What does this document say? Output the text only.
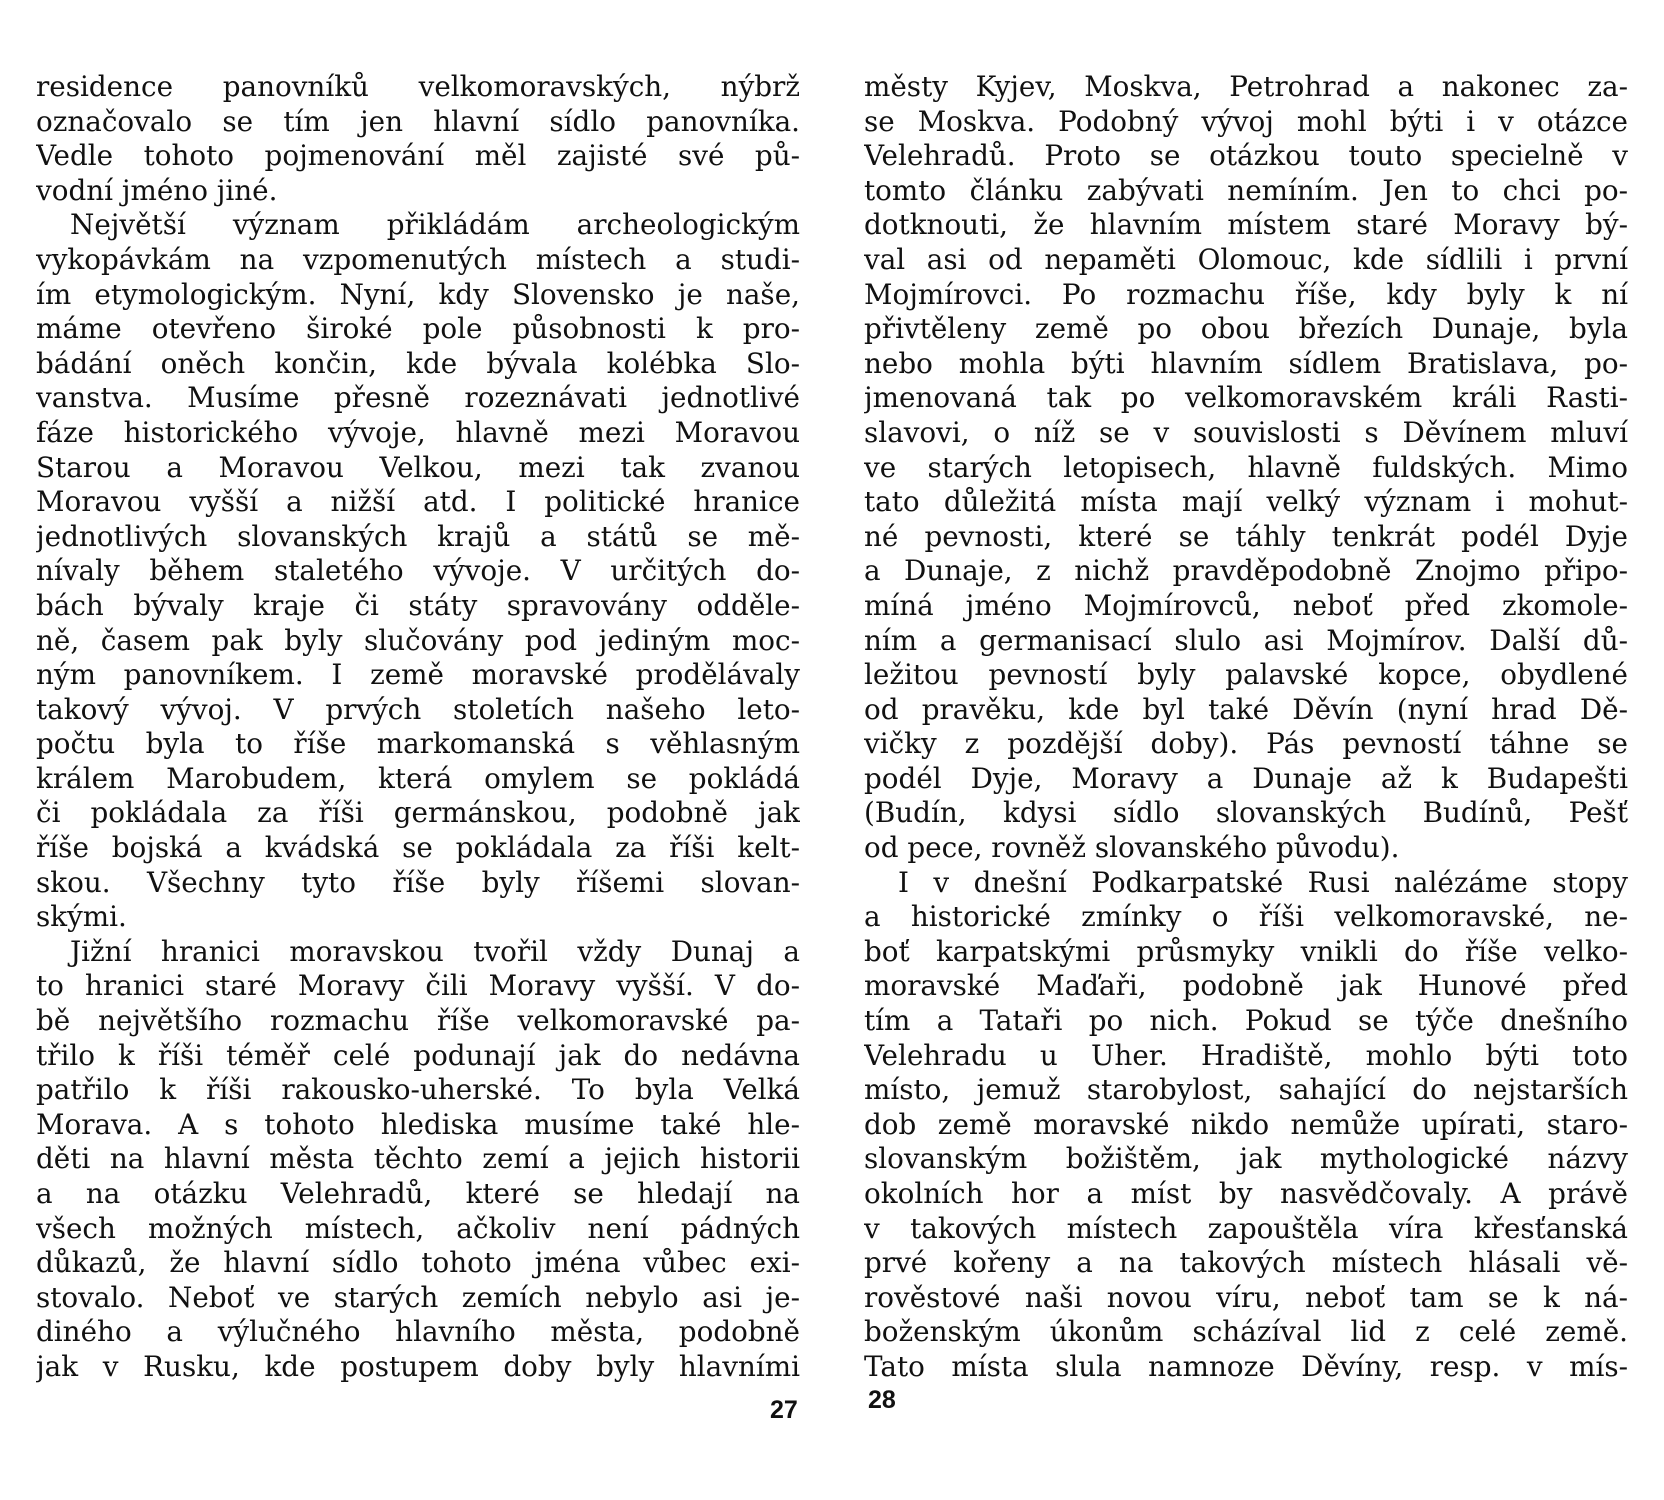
residence panovníků velkomoravských, nýbrž
označovalo se tím jen hlavní sídlo panovníka.
Vedle tohoto pojmenování měl zajisté své pů-
vodní jméno jiné.
Největší význam přikládám archeologickým
vykopávkám na vzpomenutých místech a studi-
ím etymologickým. Nyní, kdy Slovensko je naše,
máme otevřeno široké pole působnosti k pro-
bádání oněch končin, kde bývala kolébka Slo-
vanstva. Musíme přesně rozeznávati jednotlivé
fáze historického vývoje, hlavně mezi Moravou
Starou a Moravou Velkou, mezi tak zvanou
Moravou vyšší a nižší atd. I politické hranice
jednotlivých slovanských krajů a států se mě-
nívaly během staletého vývoje. V určitých do-
bách bývaly kraje či státy spravovány odděle-
ně, časem pak byly slučovány pod jediným moc-
ným panovníkem. I země moravské prodělávaly
takový vývoj. V prvých stoletích našeho leto-
počtu byla to říše markomanská s věhlasným
králem Marobudem, která omylem se pokládá
či pokládala za říši germánskou, podobně jak
říše bojská a kvádská se pokládala za říši kelt-
skou. Všechny tyto říše byly říšemi slovan-
skými.
Jižní hranici moravskou tvořil vždy Dunaj a
to hranici staré Moravy čili Moravy vyšší. V do-
bě největšího rozmachu říše velkomoravské pa-
třilo k říši téměř celé podunají jak do nedávna
patřilo k říši rakousko-uherské. To byla Velká
Morava. A s tohoto hlediska musíme také hle-
děti na hlavní města těchto zemí a jejich historii
a na otázku Velehradů, které se hledají na
všech možných místech, ačkoliv není pádných
důkazů, že hlavní sídlo tohoto jména vůbec exi-
stovalo. Neboť ve starých zemích nebylo asi je-
diného a výlučného hlavního města, podobně
jak v Rusku, kde postupem doby byly hlavními
27
městy Kyjev, Moskva, Petrohrad a nakonec za-
se Moskva. Podobný vývoj mohl býti i v otázce
Velehradů. Proto se otázkou touto specielně v
tomto článku zabývati nemíním. Jen to chci po-
dotknouti, že hlavním místem staré Moravy bý-
val asi od nepaměti Olomouc, kde sídlili i první
Mojmírovci. Po rozmachu říše, kdy byly k ní
přivtěleny země po obou březích Dunaje, byla
nebo mohla býti hlavním sídlem Bratislava, po-
jmenovaná tak po velkomoravském králi Rasti-
slavovi, o níž se v souvislosti s Děvínem mluví
ve starých letopisech, hlavně fuldských. Mimo
tato důležitá místa mají velký význam i mohut-
né pevnosti, které se táhly tenkrát podél Dyje
a Dunaje, z nichž pravděpodobně Znojmo připo-
míná jméno Mojmírovců, neboť před zkomole-
ním a germanisací slulo asi Mojmírov. Další dů-
ležitou pevností byly palavské kopce, obydlené
od pravěku, kde byl také Děvín (nyní hrad Dě-
vičky z pozdější doby). Pás pevností táhne se
podél Dyje, Moravy a Dunaje až k Budapešti
(Budín, kdysi sídlo slovanských Budínů, Pešť
od pece, rovněž slovanského původu).
I v dnešní Podkarpatské Rusi nalézáme stopy
a historické zmínky o říši velkomoravské, ne-
boť karpatskými průsmyky vnikli do říše velko-
moravské Maďaři, podobně jak Hunové před
tím a Tataři po nich. Pokud se týče dnešního
Velehradu u Uher. Hradiště, mohlo býti toto
místo, jemuž starobylost, sahající do nejstarších
dob země moravské nikdo nemůže upírati, staro-
slovanským božištěm, jak mythologické názvy
okolních hor a míst by nasvědčovaly. A právě
v takových místech zapouštěla víra křesťanská
prvé kořeny a na takových místech hlásali vě-
rověstové naši novou víru, neboť tam se k ná-
boženským úkonům scházíval lid z celé země.
Tato místa slula namnoze Děvíny, resp. v mís-
28
